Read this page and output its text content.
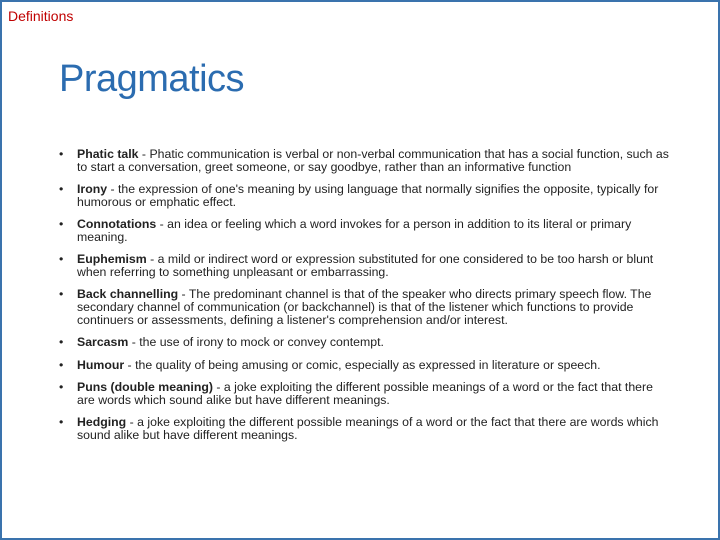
Definitions
Pragmatics
• Phatic talk - Phatic communication is verbal or non-verbal communication that has a social function, such as to start a conversation, greet someone, or say goodbye, rather than an informative function
• Irony - the expression of one's meaning by using language that normally signifies the opposite, typically for humorous or emphatic effect.
• Connotations - an idea or feeling which a word invokes for a person in addition to its literal or primary meaning.
• Euphemism - a mild or indirect word or expression substituted for one considered to be too harsh or blunt when referring to something unpleasant or embarrassing.
• Back channelling - The predominant channel is that of the speaker who directs primary speech flow. The secondary channel of communication (or backchannel) is that of the listener which functions to provide continuers or assessments, defining a listener's comprehension and/or interest.
• Sarcasm - the use of irony to mock or convey contempt.
• Humour - the quality of being amusing or comic, especially as expressed in literature or speech.
• Puns (double meaning) - a joke exploiting the different possible meanings of a word or the fact that there are words which sound alike but have different meanings.
• Hedging - a joke exploiting the different possible meanings of a word or the fact that there are words which sound alike but have different meanings.
